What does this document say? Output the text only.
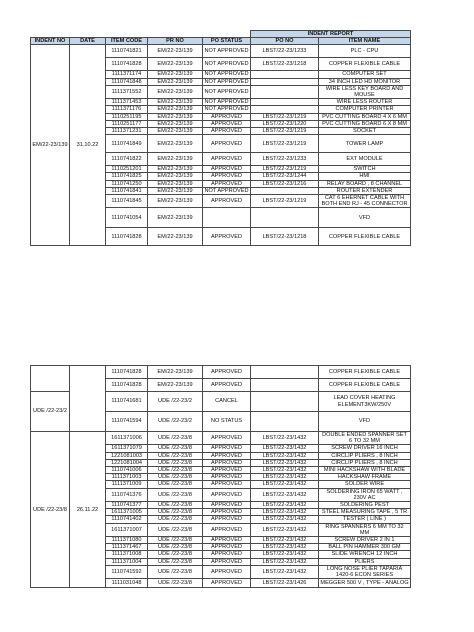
					INDENT REPORT	
INDENT NO	DATE	ITEM CODE	PR NO	PO STATUS	PO NO	ITEM NAME
EM/22-23/139	31.10.22	1110741821	EM/22-23/139	NOT APPROVED	LBST/22-23/1233	PLC - CPU
		1110741828	EM/22-23/139	NOT APPROVED	LBST/22-23/1218	COPPER FLEXIBLE CABLE
		1111371174	EM/22-23/139	NOT APPROVED		COMPUTER SET
		1110741848	EM/22-23/139	NOT APPROVED		34 INCH LED HD MONITOR
		1111371552	EM/22-23/139	NOT APPROVED		WIRE LESS KEY BOARD AND MOUSE
		1111371453	EM/22-23/139	NOT APPROVED		WIRE LESS ROUTER
		1111371176	EM/22-23/139	NOT APPROVED		COMPUTER PRINTER
		1110251195	EM/22-23/139	APPROVED	LBST/22-23/1219	PVC CUTTING BOARD 4 X 6 MM
		1110251177	EM/22-23/139	APPROVED	LBST/22-23/1220	PVC CUTTING BOARD 6 X 8 MM
		1111371231	EM/22-23/139	APPROVED	LBST/22-23/1219	SOCKET
		1110741849	EM/22-23/139	APPROVED	LBST/22-23/1219	TOWER LAMP
		1110741822	EM/22-23/139	APPROVED	LBST/22-23/1233	EXT MODULE
		1110251201	EM/22-23/139	APPROVED	LBST/22-23/1219	SWITCH
		1110741825	EM/22-23/139	APPROVED	LBST/22-23/1244	HMI
		1110741250	EM/22-23/139	APPROVED	LBST/22-23/1216	RELAY BOARD , 8 CHANNEL
		1110741841	EM/22-23/139	NOT APPROVED		ROUTER EXTENDER
		1110741845	EM/22-23/139	APPROVED	LBST/22-23/1219	CAT 6 EHERNET CABLE WITH BOTH END RJ - 45 CONNECTOR
		1110741054	EM/22-23/139			VFD
		1110741828	EM/22-23/139	APPROVED	LBST/22-23/1218	COPPER FLEXIBLE CABLE
		1110741828	EM/22-23/139	APPROVED		COPPER FLEXIBLE CABLE
		1110741828	EM/22-23/139	APPROVED		COPPER FLEXIBLE CABLE
UDE /22-23/2		1110741681	UDE /22-23/2	CANCEL		LEAD COVER HEATING ELEMENT3KW/250V
		1110741594	UDE /22-23/2	NO STATUS		VFD
UDE /22-23/8	26.11.22	1611371006	UDE /22-23/8	APPROVED	LBST/22-23/1432	DOUBLE ENDED SPANNER SET 6 TO 32 MM
		1611371079	UDE /22-23/8	APPROVED	LBST/22-23/1432	SCREW DRIVER 16 INCH
		1221081003	UDE /22-23/8	APPROVED	LBST/22-23/1432	CIRCLIP PLIERS , 8 INCH
		1221081004	UDE /22-23/8	APPROVED	LBST/22-23/1432	CIRCLIP PLIERS , 8 INCH
		1110741006	UDE /22-23/8	APPROVED	LBST/22-23/1432	MINI HACKSHAW WITH BLADE
		1111371003	UDE /22-23/8	APPROVED	LBST/22-23/1432	HACKSHAW FRAME
		1111371009	UDE /22-23/8	APPROVED	LBST/22-23/1432	SOLDER WIRE
		1110741376	UDE /22-23/8	APPROVED	LBST/22-23/1432	SOLDERING IRON 65 WATT , 230V AC
		1110741377	UDE /22-23/8	APPROVED	LBST/22-23/1432	SOLDERING PEST
		1611371005	UDE /22-23/8	APPROVED	LBST/22-23/1432	STEEL MEASURING TAPE , 5 TR
		1110741402	UDE /22-23/8	APPROVED	LBST/22-23/1432	TESTER ( LINE )
		1611371007	UDE /22-23/8	APPROVED	LBST/22-23/1432	RING SPANNERS 6 MM TO 32 MM
		1111371080	UDE /22-23/8	APPROVED	LBST/22-23/1432	SCREW DRIVER 2 IN 1
		1111371467	UDE /22-23/8	APPROVED	LBST/22-23/1432	BALL PIN HAMMER 300 GM
		1111371008	UDE /22-23/8	APPROVED	LBST/22-23/1432	SLIDE WRENCH 12 INCH
		1111371004	UDE /22-23/8	APPROVED	LBST/22-23/1432	PLIERS
		1110741592	UDE /22-23/8	APPROVED	LBST/22-23/1432	LONG NOSE PLIER TAPARIA 1420-6 ECON SERIES
		1111031048	UDE /22-23/8	APPROVED	LBST/22-23/1426	MEGGER 500 V , TYPE - ANALOG
